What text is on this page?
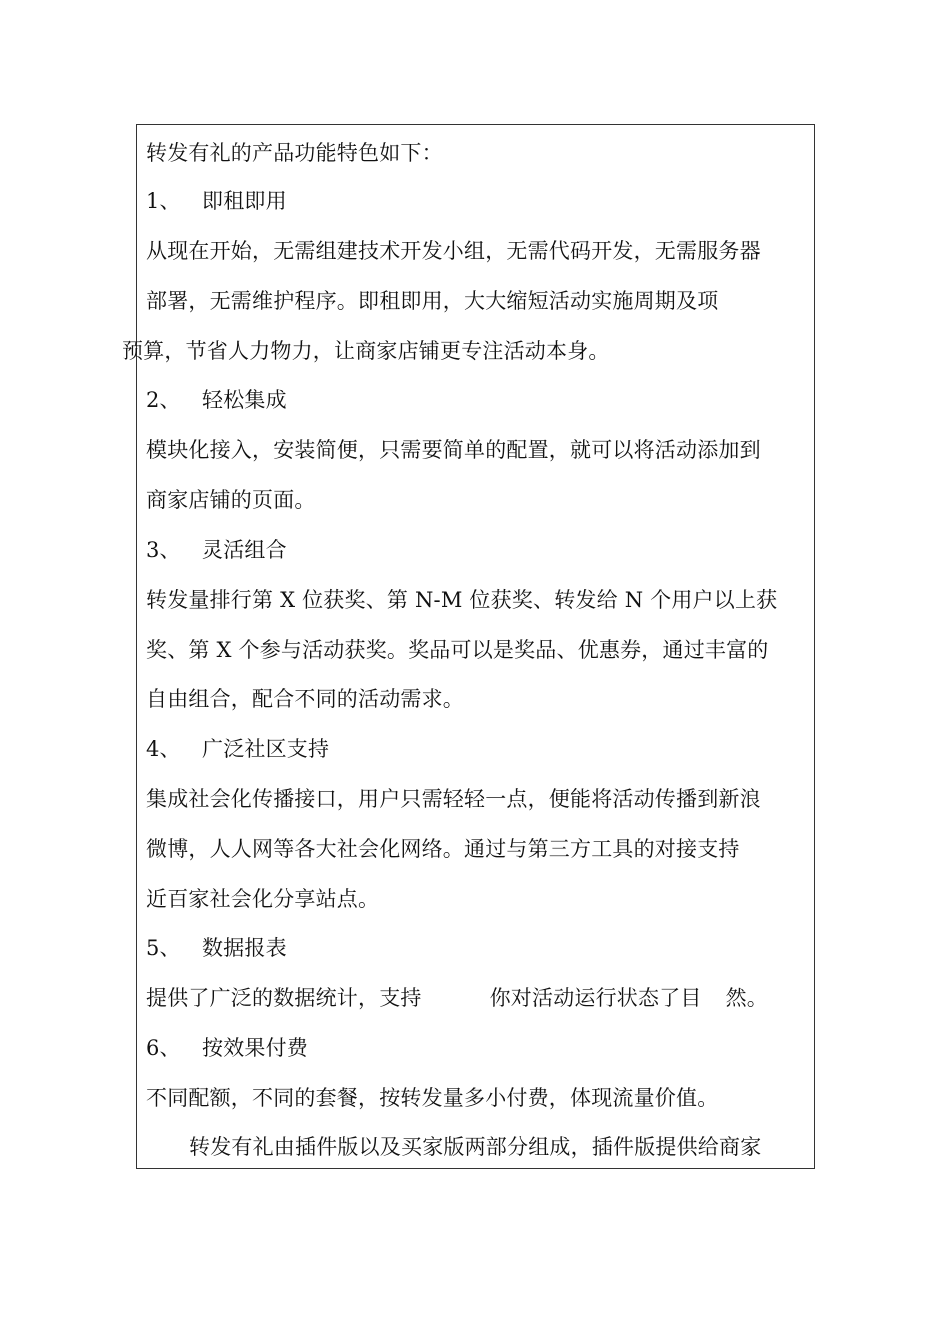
转发有礼的产品功能特色如下：
1、 即租即用
从现在开始，无需组建技术开发小组，无需代码开发，无需服务器
部署，无需维护程序。即租即用，大大缩短活动实施周期及项
预算，节省人力物力，让商家店铺更专注活动本身。
2、 轻松集成
模块化接入，安装简便，只需要简单的配置，就可以将活动添加到
商家店铺的页面。
3、 灵活组合
转发量排行第 X 位获奖、第 N-M 位获奖、转发给 N 个用户以上获
奖、第 X 个参与活动获奖。奖品可以是奖品、优惠券，通过丰富的
自由组合，配合不同的活动需求。
4、 广泛社区支持
集成社会化传播接口，用户只需轻轻一点，便能将活动传播到新浪
微博，人人网等各大社会化网络。通过与第三方工具的对接支持
近百家社会化分享站点。
5、 数据报表
提供了广泛的数据统计，支持	你对活动运行状态了目 然。
6、 按效果付费
不同配额，不同的套餐，按转发量多小付费，体现流量价值。
转发有礼由插件版以及买家版两部分组成，插件版提供给商家
